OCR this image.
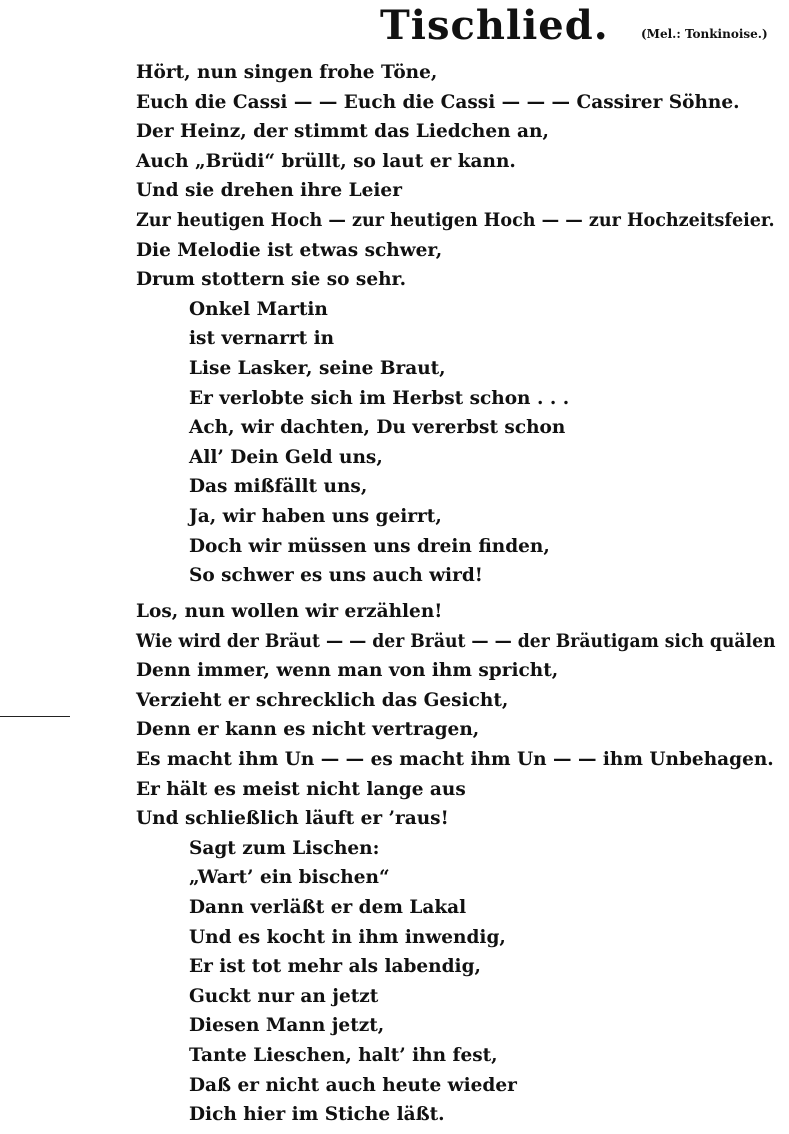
Tischlied.	(Mel.: Tonkinoise.)
Hört, nun singen frohe Töne,
Euch die Cassi — — Euch die Cassi — — — Cassirer Söhne.
Der Heinz, der stimmt das Liedchen an,
Auch „Brüdi“ brüllt, so laut er kann.
Und sie drehen ihre Leier
Zur heutigen Hoch — zur heutigen Hoch — — zur Hochzeitsfeier.
Die Melodie ist etwas schwer,
Drum stottern sie so sehr.
Onkel Martin
ist vernarrt in
Lise Lasker, seine Braut,
Er verlobte sich im Herbst schon . . .
Ach, wir dachten, Du vererbst schon
All’ Dein Geld uns,
Das mißfällt uns,
Ja, wir haben uns geirrt,
Doch wir müssen uns drein finden,
So schwer es uns auch wird!
Los, nun wollen wir erzählen!
Wie wird der Bräut — — der Bräut — — der Bräutigam sich quälen
Denn immer, wenn man von ihm spricht,
Verzieht er schrecklich das Gesicht,
Denn er kann es nicht vertragen,
Es macht ihm Un — — es macht ihm Un — — ihm Unbehagen.
Er hält es meist nicht lange aus
Und schließlich läuft er ’raus!
Sagt zum Lischen:
„Wart’ ein bischen“
Dann verläßt er dem Lakal
Und es kocht in ihm inwendig,
Er ist tot mehr als labendig,
Guckt nur an jetzt
Diesen Mann jetzt,
Tante Lieschen, halt’ ihn fest,
Daß er nicht auch heute wieder
Dich hier im Stiche läßt.
